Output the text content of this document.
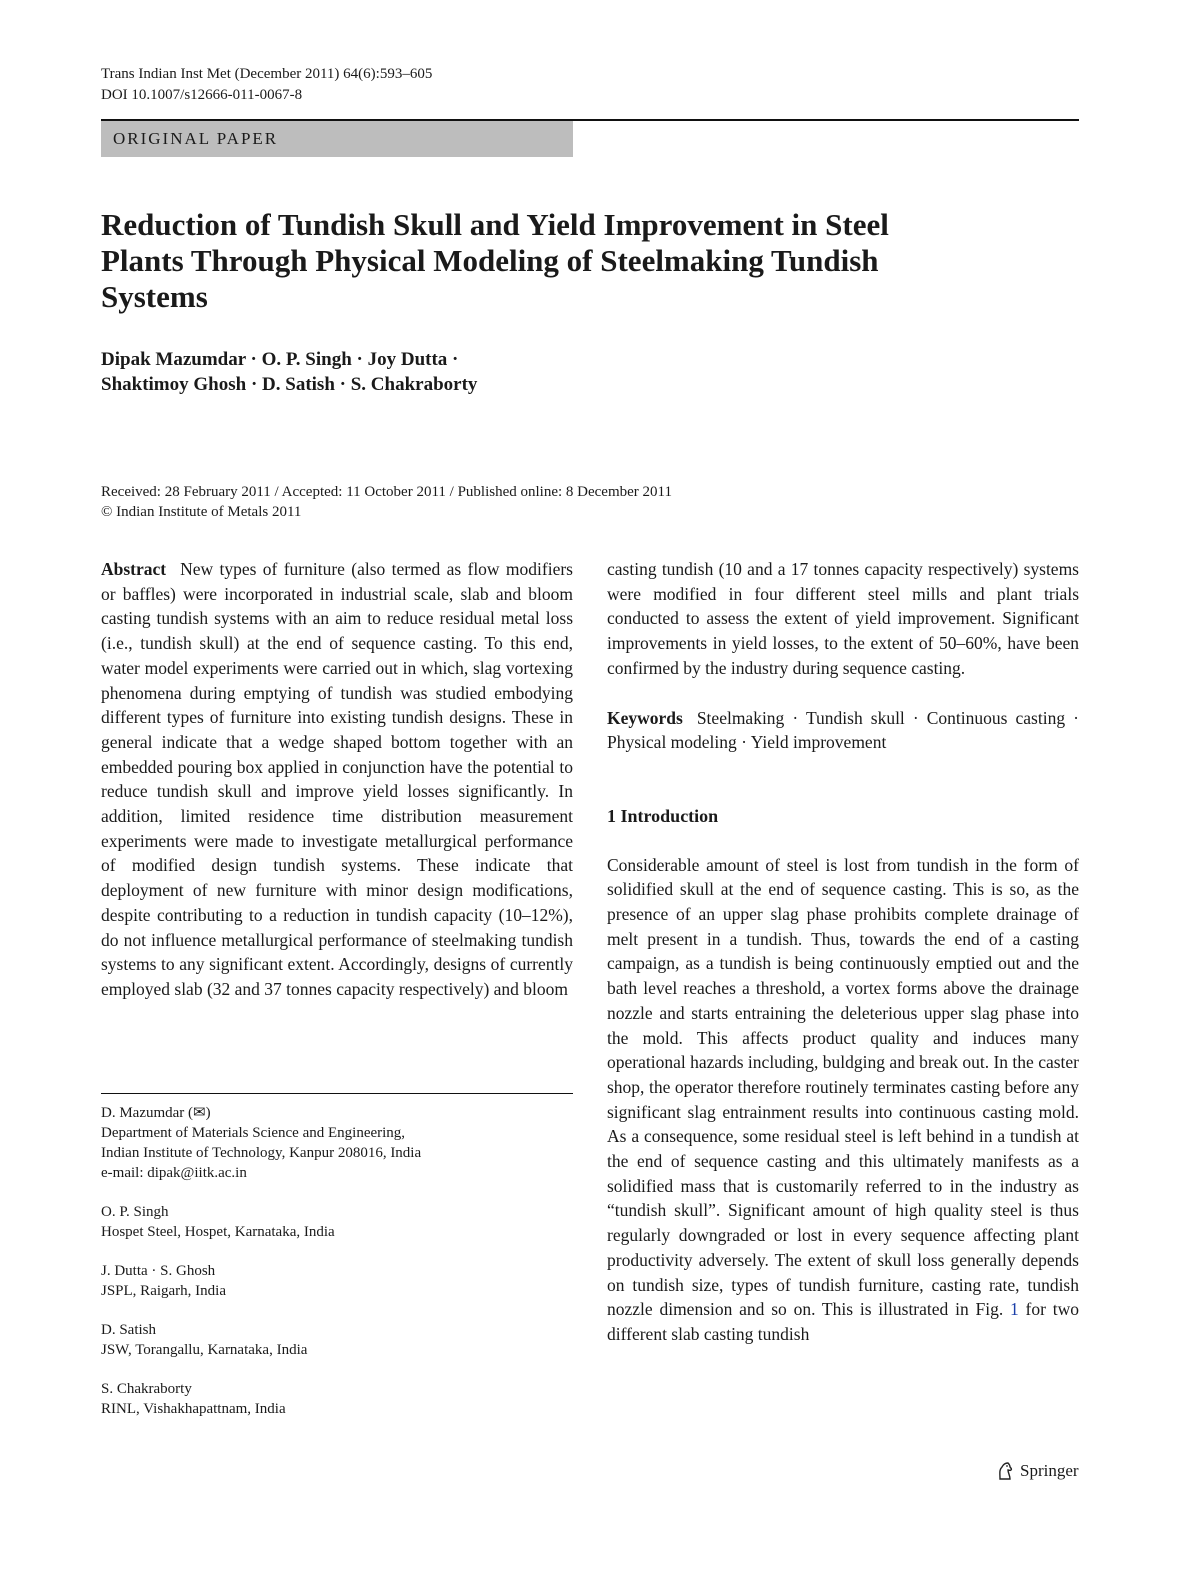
Trans Indian Inst Met (December 2011) 64(6):593–605
DOI 10.1007/s12666-011-0067-8
ORIGINAL PAPER
Reduction of Tundish Skull and Yield Improvement in Steel
Plants Through Physical Modeling of Steelmaking Tundish
Systems
Dipak Mazumdar · O. P. Singh · Joy Dutta ·
Shaktimoy Ghosh · D. Satish · S. Chakraborty
Received: 28 February 2011 / Accepted: 11 October 2011 / Published online: 8 December 2011
© Indian Institute of Metals 2011

Abstract New types of furniture (also termed as flow modifiers or baffles) were incorporated in industrial scale, slab and bloom casting tundish systems with an aim to reduce residual metal loss (i.e., tundish skull) at the end of sequence casting. To this end, water model experiments were carried out in which, slag vortexing phenomena during emptying of tundish was studied embodying different types of furniture into existing tundish designs. These in general indicate that a wedge shaped bottom together with an embedded pouring box applied in conjunction have the potential to reduce tundish skull and improve yield losses significantly. In addition, limited residence time distribution measurement experiments were made to investigate metallurgical performance of modified design tundish systems. These indicate that deployment of new furniture with minor design modifications, despite contributing to a reduction in tundish capacity (10–12%), do not influence metallurgical performance of steelmaking tundish systems to any significant extent. Accordingly, designs of currently employed slab (32 and 37 tonnes capacity respectively) and bloom

casting tundish (10 and a 17 tonnes capacity respectively) systems were modified in four different steel mills and plant trials conducted to assess the extent of yield improvement. Significant improvements in yield losses, to the extent of 50–60%, have been confirmed by the industry during sequence casting.

Keywords Steelmaking · Tundish skull · Continuous casting · Physical modeling · Yield improvement

1 Introduction

Considerable amount of steel is lost from tundish in the form of solidified skull at the end of sequence casting. This is so, as the presence of an upper slag phase prohibits complete drainage of melt present in a tundish. Thus, towards the end of a casting campaign, as a tundish is being continuously emptied out and the bath level reaches a threshold, a vortex forms above the drainage nozzle and starts entraining the deleterious upper slag phase into the mold. This affects product quality and induces many operational hazards including, buldging and break out. In the caster shop, the operator therefore routinely terminates casting before any significant slag entrainment results into continuous casting mold. As a consequence, some residual steel is left behind in a tundish at the end of sequence casting and this ultimately manifests as a solidified mass that is customarily referred to in the industry as “tundish skull”. Significant amount of high quality steel is thus regularly downgraded or lost in every sequence affecting plant productivity adversely. The extent of skull loss generally depends on tundish size, types of tundish furniture, casting rate, tundish nozzle dimension and so on. This is illustrated in Fig. 1 for two different slab casting tundish

D. Mazumdar (✉)
Department of Materials Science and Engineering,
Indian Institute of Technology, Kanpur 208016, India
e-mail: dipak@iitk.ac.in
O. P. Singh
Hospet Steel, Hospet, Karnataka, India
J. Dutta · S. Ghosh
JSPL, Raigarh, India
D. Satish
JSW, Torangallu, Karnataka, India
S. Chakraborty
RINL, Vishakhapattnam, India
Springer
